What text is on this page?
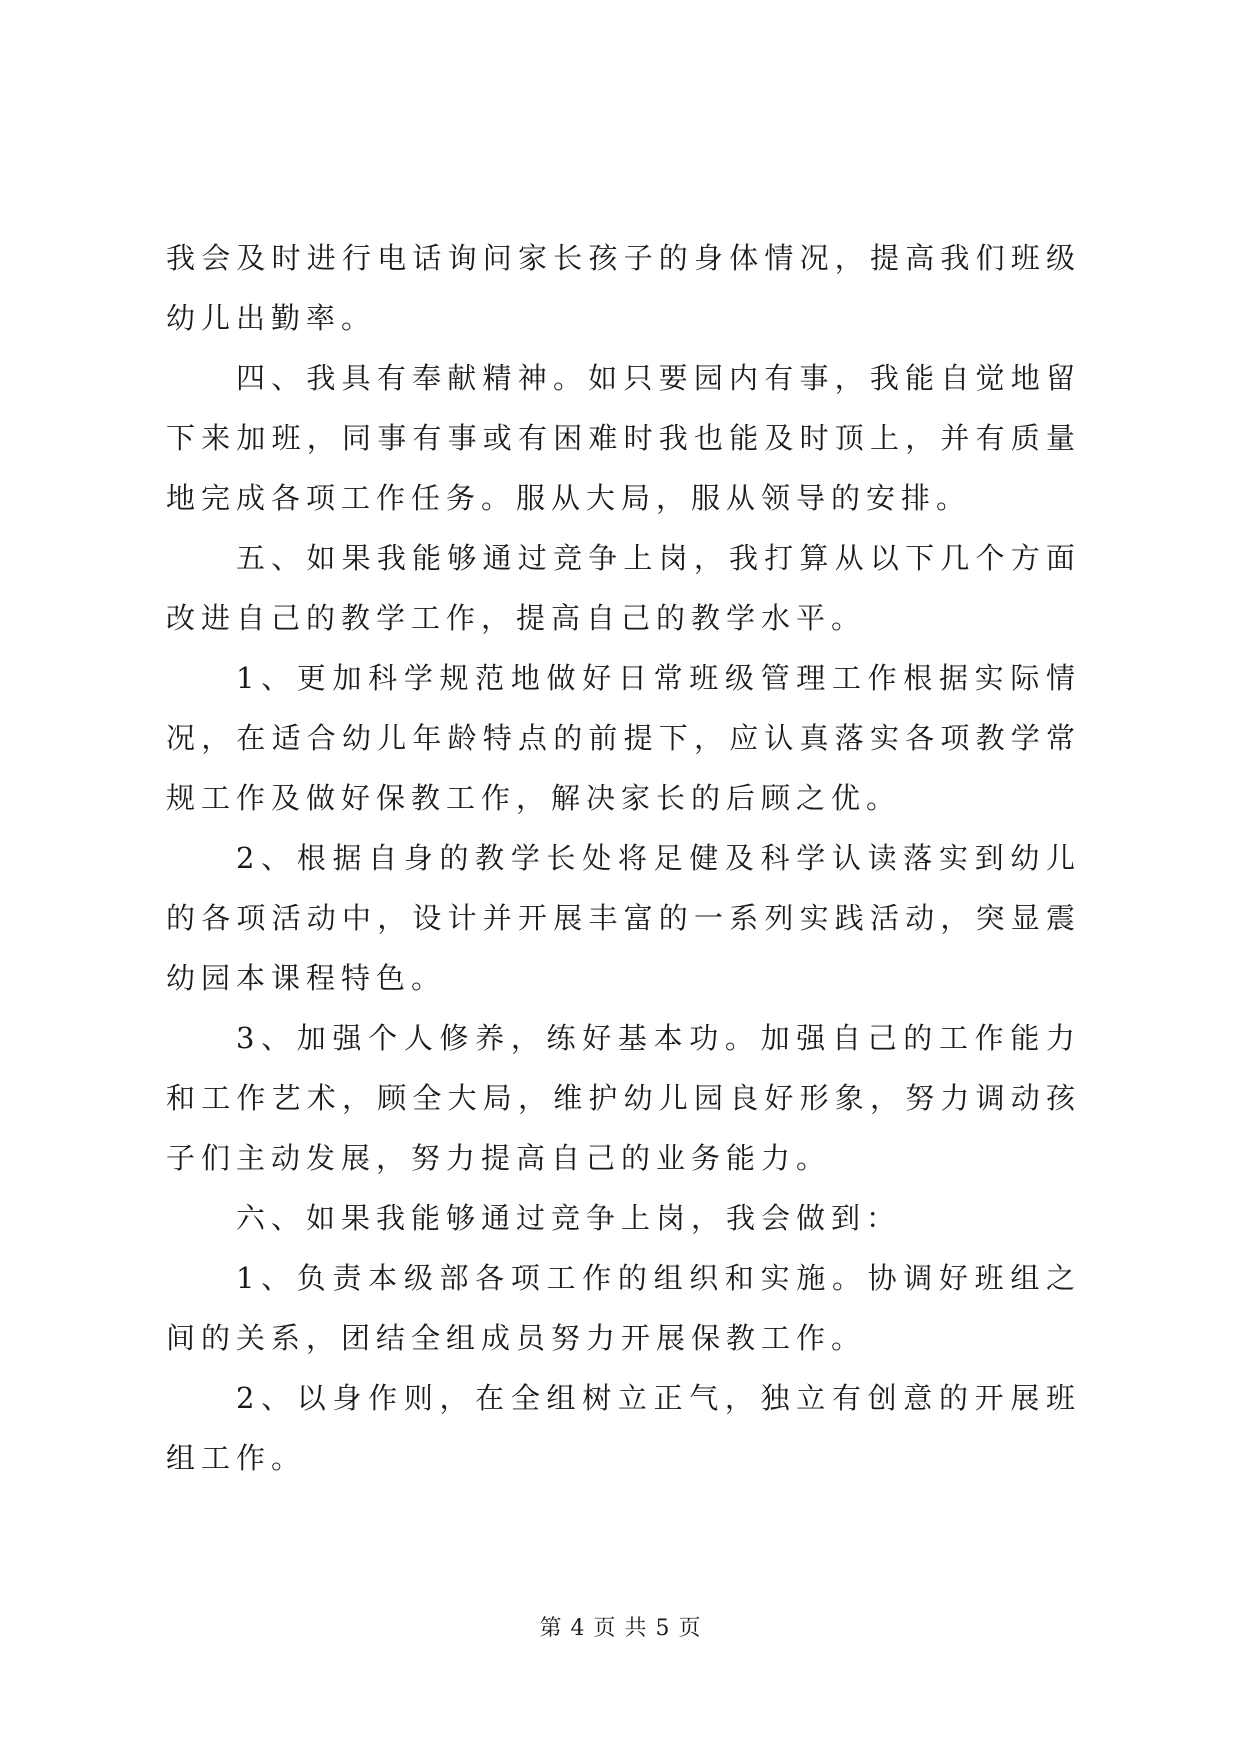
我会及时进行电话询问家长孩子的身体情况，提高我们班级幼儿出勤率。

四、我具有奉献精神。如只要园内有事，我能自觉地留下来加班，同事有事或有困难时我也能及时顶上，并有质量地完成各项工作任务。服从大局，服从领导的安排。

五、如果我能够通过竞争上岗，我打算从以下几个方面改进自己的教学工作，提高自己的教学水平。

1、更加科学规范地做好日常班级管理工作根据实际情况，在适合幼儿年龄特点的前提下，应认真落实各项教学常规工作及做好保教工作，解决家长的后顾之优。

2、根据自身的教学长处将足健及科学认读落实到幼儿的各项活动中，设计并开展丰富的一系列实践活动，突显震幼园本课程特色。

3、加强个人修养，练好基本功。加强自己的工作能力和工作艺术，顾全大局，维护幼儿园良好形象，努力调动孩子们主动发展，努力提高自己的业务能力。

六、如果我能够通过竞争上岗，我会做到：

1、负责本级部各项工作的组织和实施。协调好班组之间的关系，团结全组成员努力开展保教工作。

2、以身作则，在全组树立正气，独立有创意的开展班组工作。

第 4 页 共 5 页
